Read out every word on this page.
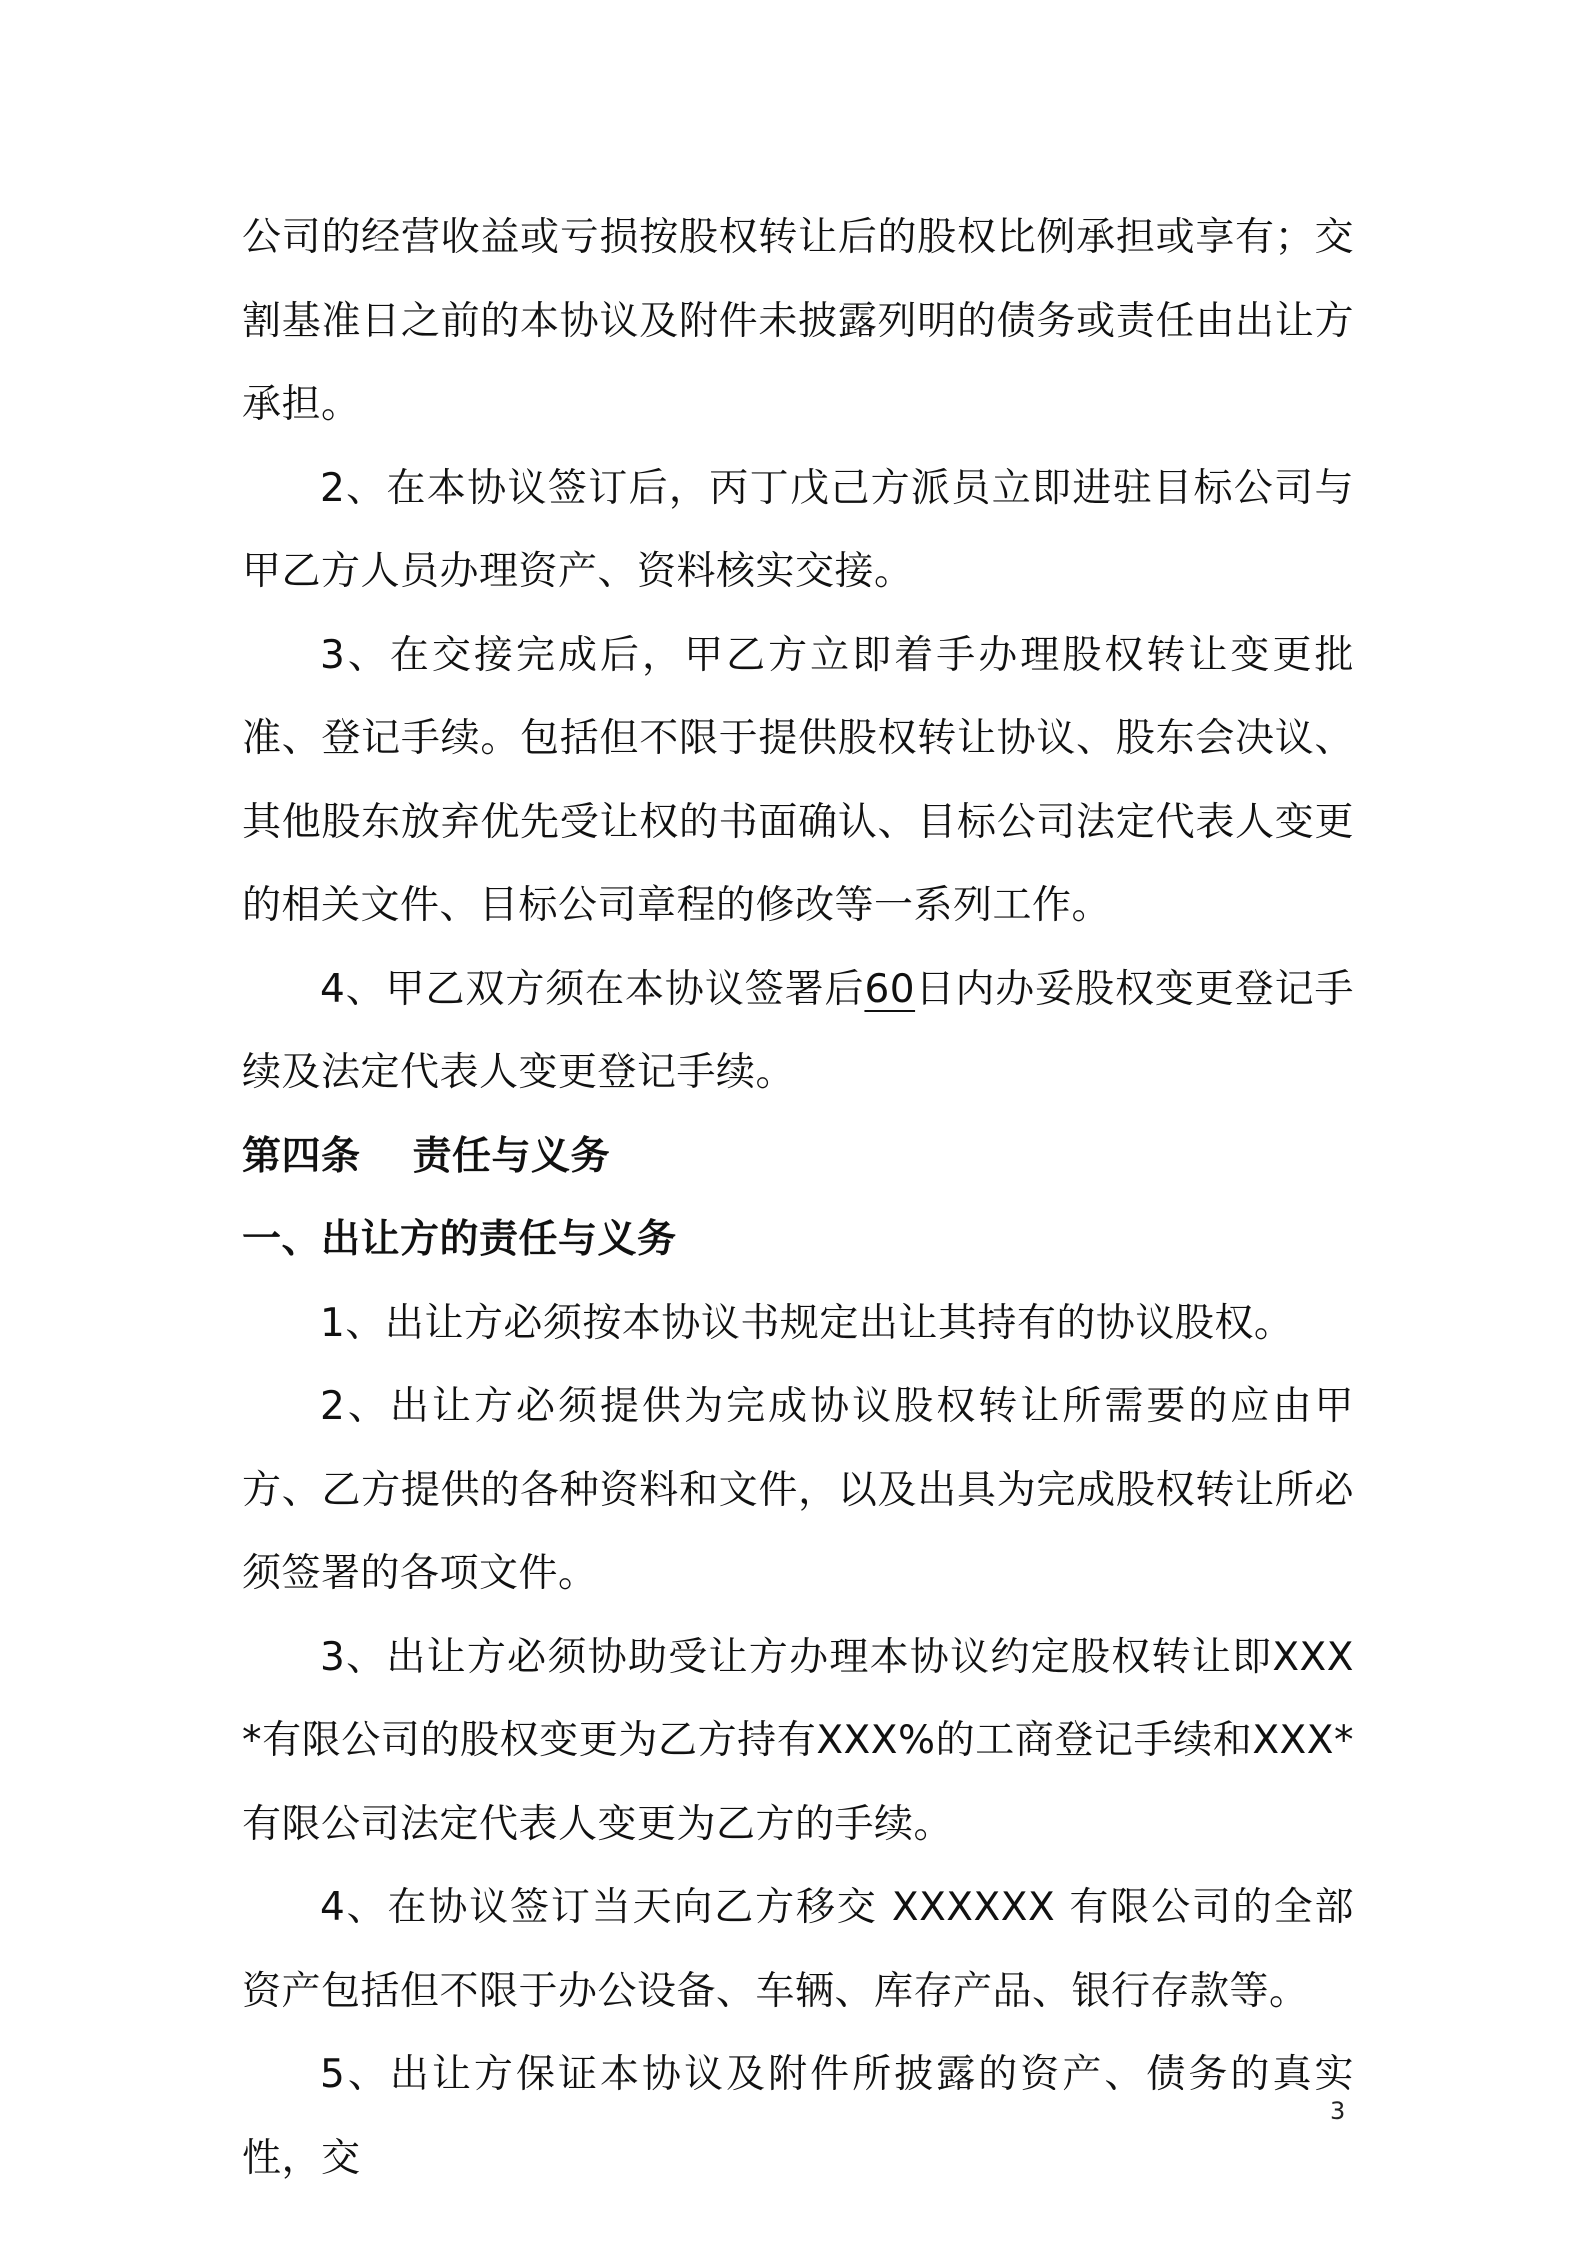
公司的经营收益或亏损按股权转让后的股权比例承担或享有；交割基准日之前的本协议及附件未披露列明的债务或责任由出让方承担。

2、在本协议签订后，丙丁戊己方派员立即进驻目标公司与甲乙方人员办理资产、资料核实交接。

3、在交接完成后，甲乙方立即着手办理股权转让变更批准、登记手续。包括但不限于提供股权转让协议、股东会决议、其他股东放弃优先受让权的书面确认、目标公司法定代表人变更的相关文件、目标公司章程的修改等一系列工作。

4、甲乙双方须在本协议签署后60日内办妥股权变更登记手续及法定代表人变更登记手续。

第四条 责任与义务

一、出让方的责任与义务

1、出让方必须按本协议书规定出让其持有的协议股权。

2、出让方必须提供为完成协议股权转让所需要的应由甲方、乙方提供的各种资料和文件，以及出具为完成股权转让所必须签署的各项文件。

3、出让方必须协助受让方办理本协议约定股权转让即XXX*有限公司的股权变更为乙方持有XXX%的工商登记手续和XXX*有限公司法定代表人变更为乙方的手续。

4、在协议签订当天向乙方移交 XXXXXX 有限公司的全部资产包括但不限于办公设备、车辆、库存产品、银行存款等。

5、出让方保证本协议及附件所披露的资产、债务的真实性，交

3
